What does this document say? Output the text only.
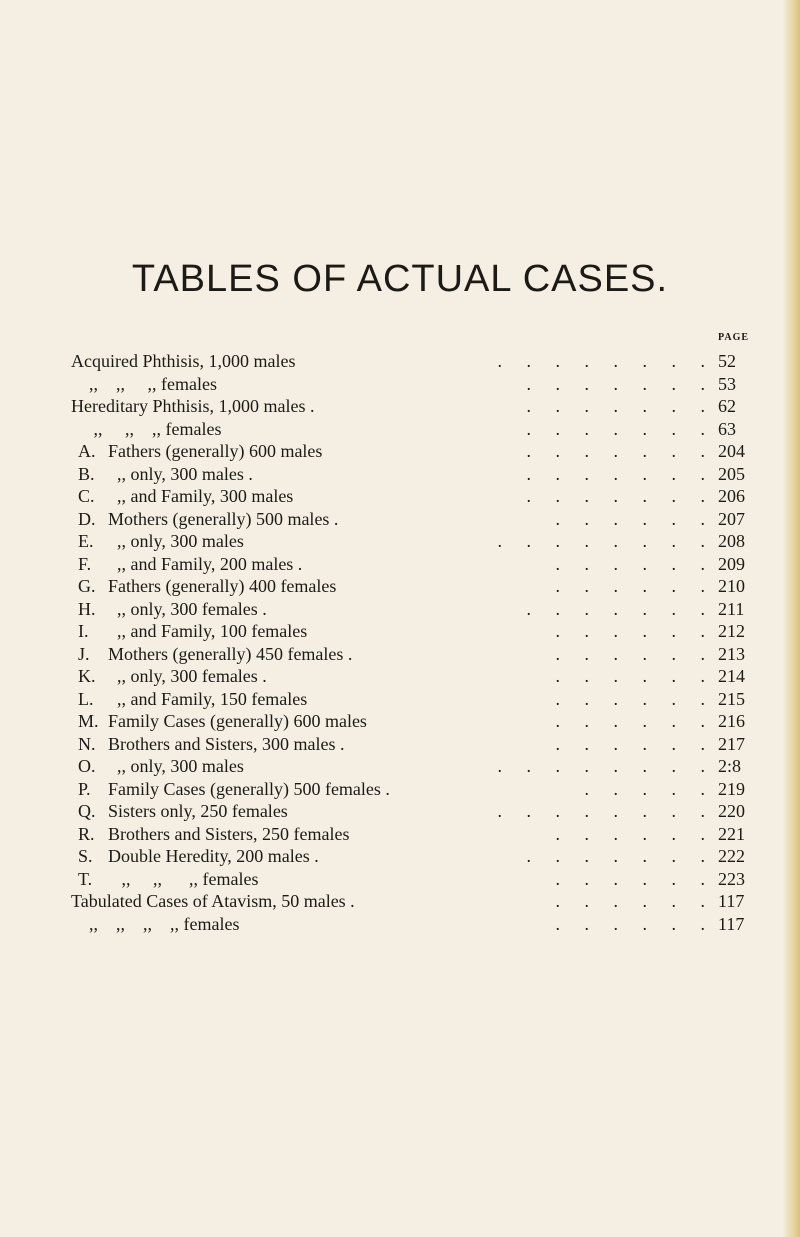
TABLES OF ACTUAL CASES.
PAGE
Acquired Phthisis, 1,000 males	. . . . . . . . 52
,,    ,,     ,, females	. . . . . . . 53
Hereditary Phthisis, 1,000 males .	. . . . . . . 62
,,     ,,    ,, females	. . . . . . . 63
A. Fathers (generally) 600 males	. . . . . . . 204
B. ,, only, 300 males .	. . . . . . . 205
C. ,, and Family, 300 males	. . . . . . . 206
D. Mothers (generally) 500 males .	. . . . . . 207
E. ,, only, 300 males	. . . . . . . . 208
F. ,, and Family, 200 males .	. . . . . . 209
G. Fathers (generally) 400 females	. . . . . . 210
H. ,, only, 300 females .	. . . . . . . 211
I. ,, and Family, 100 females	. . . . . . 212
J. Mothers (generally) 450 females .	. . . . . . 213
K. ,, only, 300 females .	. . . . . . 214
L. ,, and Family, 150 females	. . . . . . 215
M. Family Cases (generally) 600 males	. . . . . . 216
N. Brothers and Sisters, 300 males .	. . . . . . 217
O. ,, only, 300 males	. . . . . . . . 2:8
P. Family Cases (generally) 500 females .	. . . . . 219
Q. Sisters only, 250 females	. . . . . . . . 220
R. Brothers and Sisters, 250 females	. . . . . . 221
S. Double Heredity, 200 males .	. . . . . . . 222
T. ,,     ,,      ,, females	. . . . . . 223
Tabulated Cases of Atavism, 50 males .	. . . . . . 117
,,    ,,    ,,    ,, females	. . . . . . 117
